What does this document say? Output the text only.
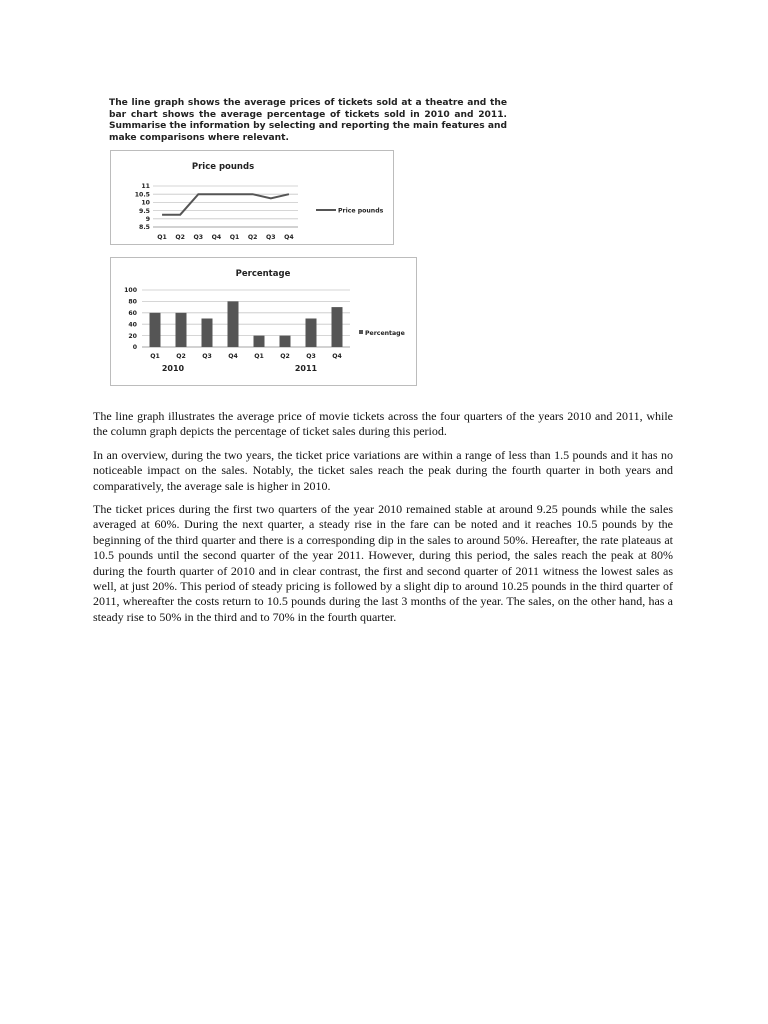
The line graph shows the average prices of tickets sold at a theatre and the bar chart shows the average percentage of tickets sold in 2010 and 2011. Summarise the information by selecting and reporting the main features and make comparisons where relevant.
Price pounds
11
10.5
10
9.5
9
8.5
Q1 Q2 Q3 Q4 Q1 Q2 Q3 Q4
Price pounds
Percentage
100
80
60
40
20
0
Q1	Q2	Q3	Q4	Q1	Q2	Q3	Q4
2010	2011
Percentage

The line graph illustrates the average price of movie tickets across the four quarters of the years 2010 and 2011, while the column graph depicts the percentage of ticket sales during this period.

In an overview, during the two years, the ticket price variations are within a range of less than 1.5 pounds and it has no noticeable impact on the sales. Notably, the ticket sales reach the peak during the fourth quarter in both years and comparatively, the average sale is higher in 2010.

The ticket prices during the first two quarters of the year 2010 remained stable at around 9.25 pounds while the sales averaged at 60%. During the next quarter, a steady rise in the fare can be noted and it reaches 10.5 pounds by the beginning of the third quarter and there is a corresponding dip in the sales to around 50%. Hereafter, the rate plateaus at 10.5 pounds until the second quarter of the year 2011. However, during this period, the sales reach the peak at 80% during the fourth quarter of 2010 and in clear contrast, the first and second quarter of 2011 witness the lowest sales as well, at just 20%. This period of steady pricing is followed by a slight dip to around 10.25 pounds in the third quarter of 2011, whereafter the costs return to 10.5 pounds during the last 3 months of the year. The sales, on the other hand, has a steady rise to 50% in the third and to 70% in the fourth quarter.
